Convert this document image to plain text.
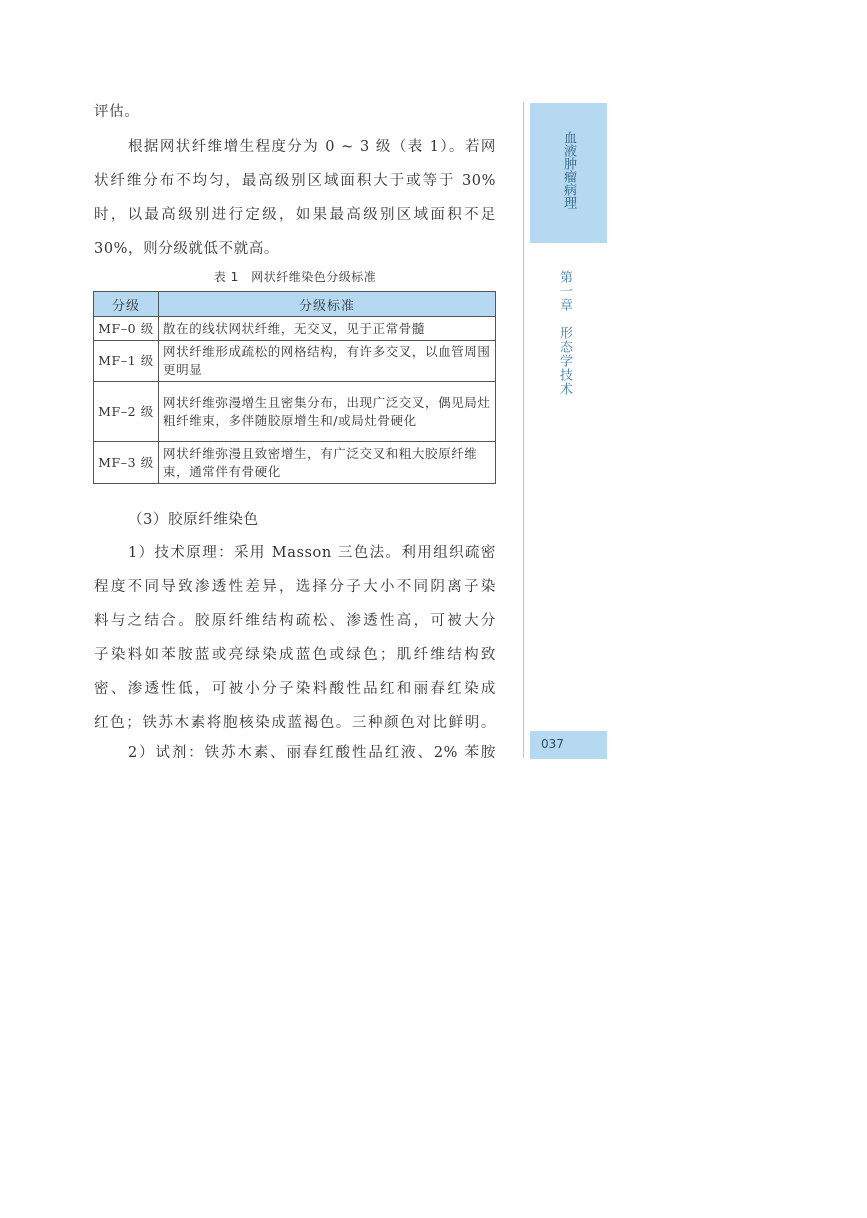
评估。
根据网状纤维增生程度分为 0 ~ 3 级（表 1）。若网
状纤维分布不均匀，最高级别区域面积大于或等于 30%
时，以最高级别进行定级，如果最高级别区域面积不足
30%，则分级就低不就高。
表 1　网状纤维染色分级标准
分级	分级标准
MF–0 级	散在的线状网状纤维，无交叉，见于正常骨髓
MF–1 级	网状纤维形成疏松的网格结构，有许多交叉，以血管周围更明显
MF–2 级	网状纤维弥漫增生且密集分布，出现广泛交叉，偶见局灶粗纤维束，多伴随胶原增生和/或局灶骨硬化
MF–3 级	网状纤维弥漫且致密增生，有广泛交叉和粗大胶原纤维束，通常伴有骨硬化
（3）胶原纤维染色
1）技术原理：采用 Masson 三色法。利用组织疏密
程度不同导致渗透性差异，选择分子大小不同阴离子染
料与之结合。胶原纤维结构疏松、渗透性高，可被大分
子染料如苯胺蓝或亮绿染成蓝色或绿色；肌纤维结构致
密、渗透性低，可被小分子染料酸性品红和丽春红染成
红色；铁苏木素将胞核染成蓝褐色。三种颜色对比鲜明。
2）试剂：铁苏木素、丽春红酸性品红液、2% 苯胺
血液肿瘤病理
第一章　形态学技术
037
